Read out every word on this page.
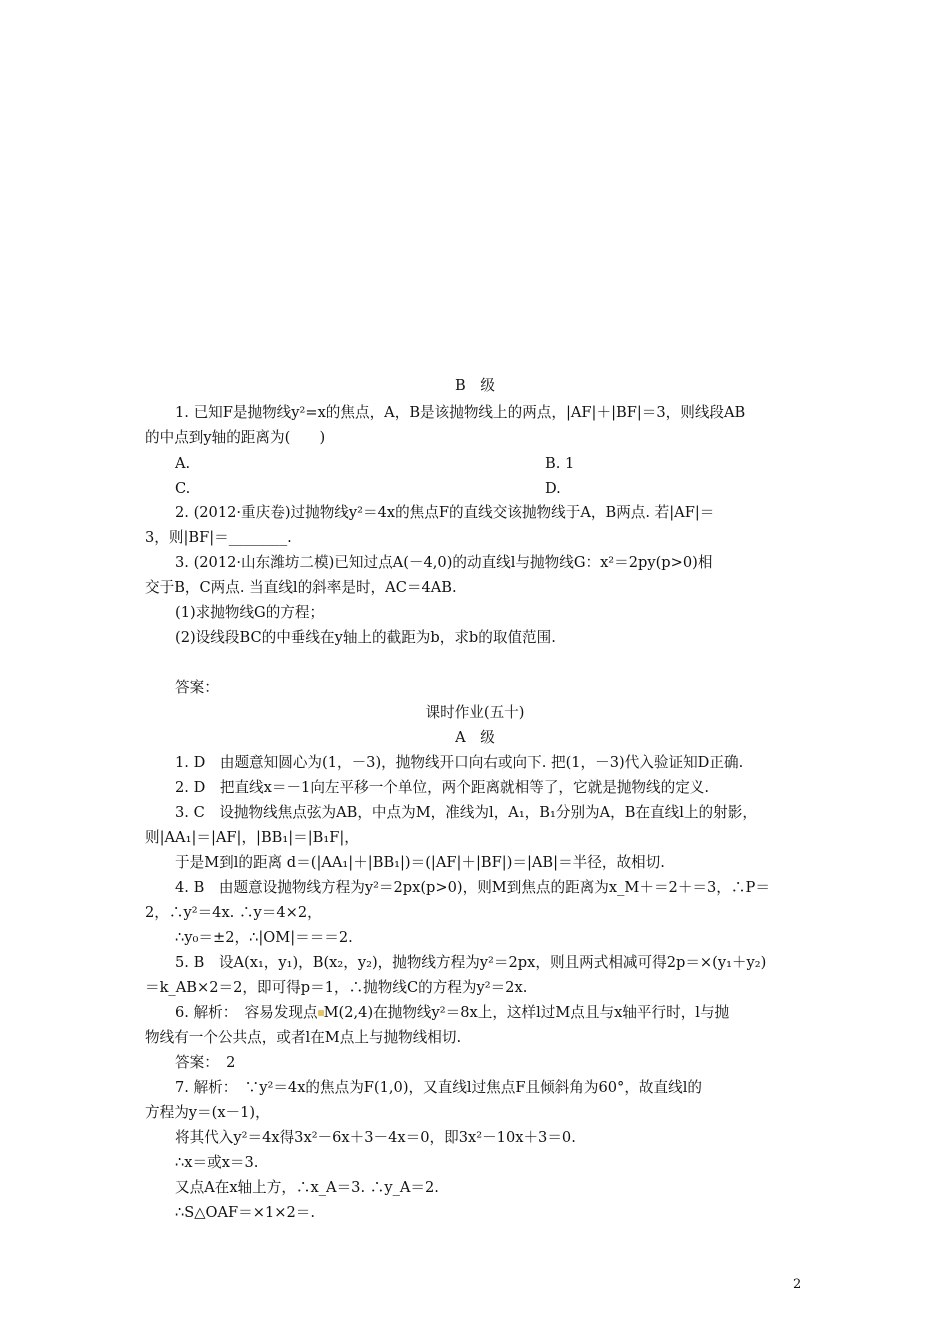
B　级
1. 已知F是抛物线y²=x的焦点，A，B是该抛物线上的两点，|AF|＋|BF|＝3，则线段AB
的中点到y轴的距离为(　　)
A.	B. 1
C.	D.
2. (2012·重庆卷)过抛物线y²＝4x的焦点F的直线交该抛物线于A，B两点. 若|AF|＝
3，则|BF|＝________.
3. (2012·山东潍坊二模)已知过点A(－4,0)的动直线l与抛物线G：x²＝2py(p>0)相
交于B，C两点. 当直线l的斜率是时，AC＝4AB.
(1)求抛物线G的方程；
(2)设线段BC的中垂线在y轴上的截距为b，求b的取值范围.
答案：
课时作业(五十)
A　级
1. D　由题意知圆心为(1，－3)，抛物线开口向右或向下. 把(1，－3)代入验证知D正确.
2. D　把直线x＝－1向左平移一个单位，两个距离就相等了，它就是抛物线的定义.
3. C　设抛物线焦点弦为AB，中点为M，准线为l，A₁，B₁分别为A，B在直线l上的射影，
则|AA₁|＝|AF|，|BB₁|＝|B₁F|，
于是M到l的距离 d＝(|AA₁|＋|BB₁|)＝(|AF|＋|BF|)＝|AB|＝半径，故相切.
4. B　由题意设抛物线方程为y²＝2px(p>0)，则M到焦点的距离为x_M＋＝2＋＝3，∴P＝
2，∴y²＝4x. ∴y＝4×2，
∴y₀＝±2，∴|OM|＝＝＝2.
5. B　设A(x₁，y₁)，B(x₂，y₂)，抛物线方程为y²＝2px，则且两式相减可得2p＝×(y₁＋y₂)
＝k_AB×2＝2，即可得p＝1，∴抛物线C的方程为y²＝2x.
6. 解析：　容易发现点 M(2,4)在抛物线y²＝8x上，这样l过M点且与x轴平行时，l与抛
物线有一个公共点，或者l在M点上与抛物线相切.
答案：　2
7. 解析：　∵y²＝4x的焦点为F(1,0)，又直线l过焦点F且倾斜角为60°，故直线l的
方程为y＝(x－1)，
将其代入y²＝4x得3x²－6x＋3－4x＝0，即3x²－10x＋3＝0.
∴x＝或x＝3.
又点A在x轴上方，∴x_A＝3. ∴y_A＝2.
∴S△OAF＝×1×2＝.
2
